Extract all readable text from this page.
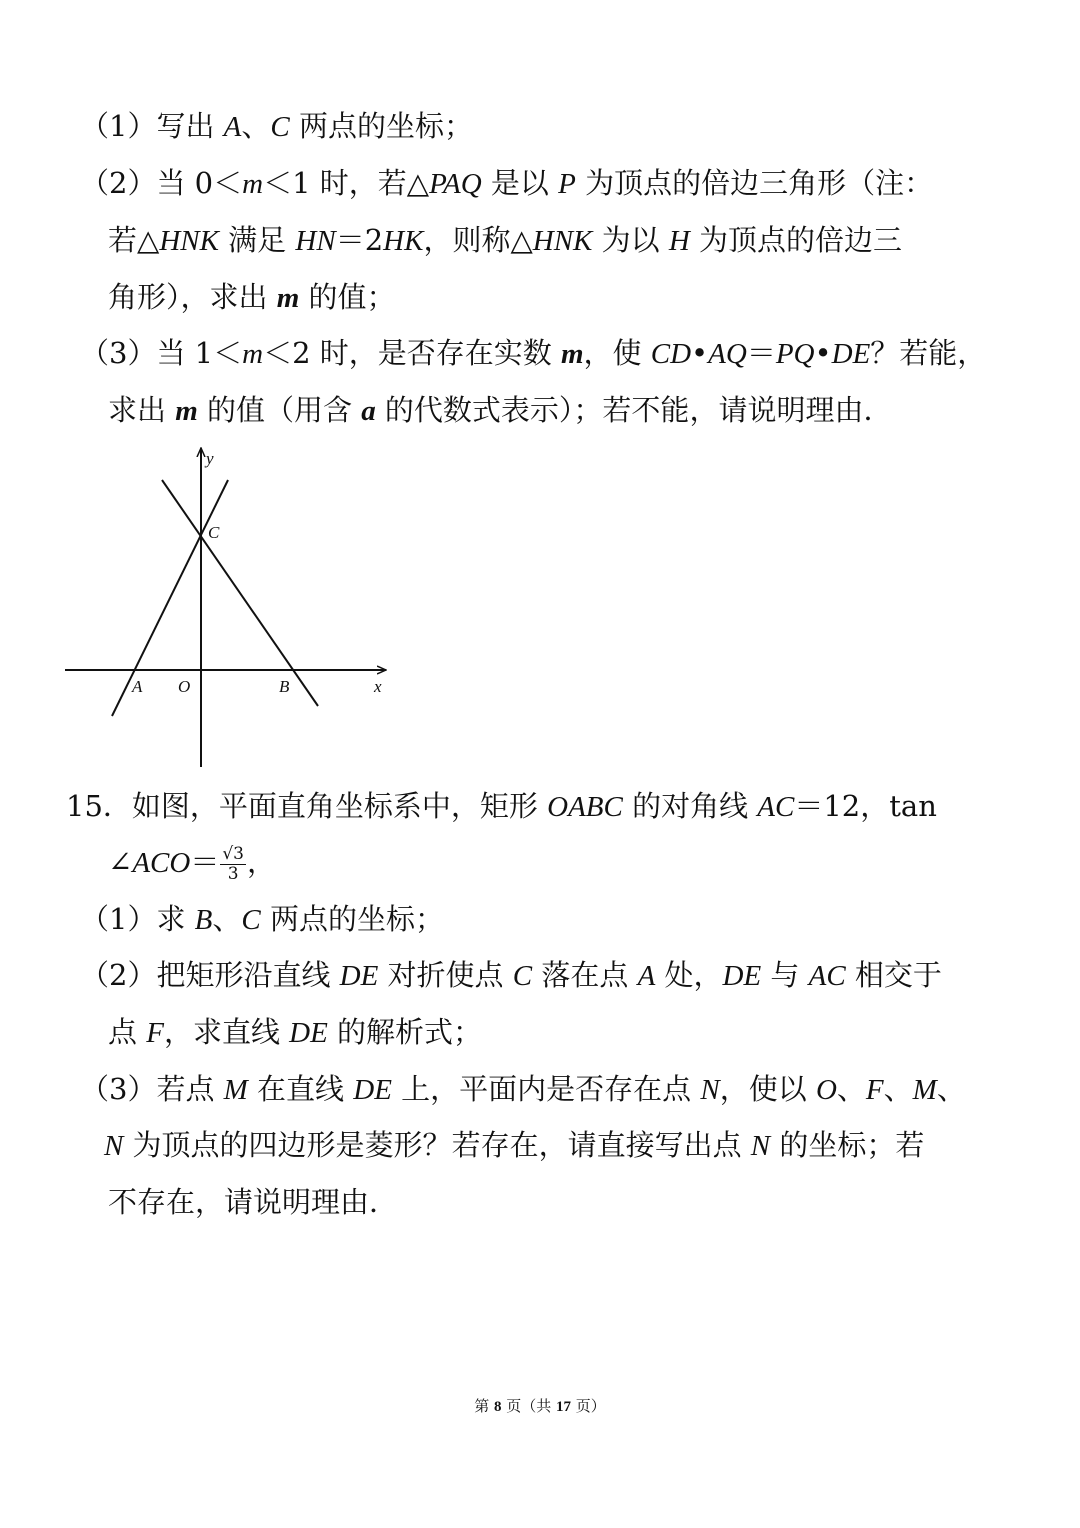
（1）写出 A、C 两点的坐标；
（2）当 0＜m＜1 时，若△PAQ 是以 P 为顶点的倍边三角形（注：
若△HNK 满足 HN＝2HK，则称△HNK 为以 H 为顶点的倍边三
角形），求出 m 的值；
（3）当 1＜m＜2 时，是否存在实数 m，使 CD•AQ＝PQ•DE？若能，
求出 m 的值（用含 a 的代数式表示）；若不能，请说明理由．
y
x
C
A O	B
15．如图，平面直角坐标系中，矩形 OABC 的对角线 AC＝12，tan
∠ACO＝ $\frac{√3}{3}$ ，
（1）求 B、C 两点的坐标；
（2）把矩形沿直线 DE 对折使点 C 落在点 A 处，DE 与 AC 相交于
点 F，求直线 DE 的解析式；
（3）若点 M 在直线 DE 上，平面内是否存在点 N，使以 O、F、M、
N 为顶点的四边形是菱形？若存在，请直接写出点 N 的坐标；若
不存在，请说明理由．
第 8 页（共 17 页）
